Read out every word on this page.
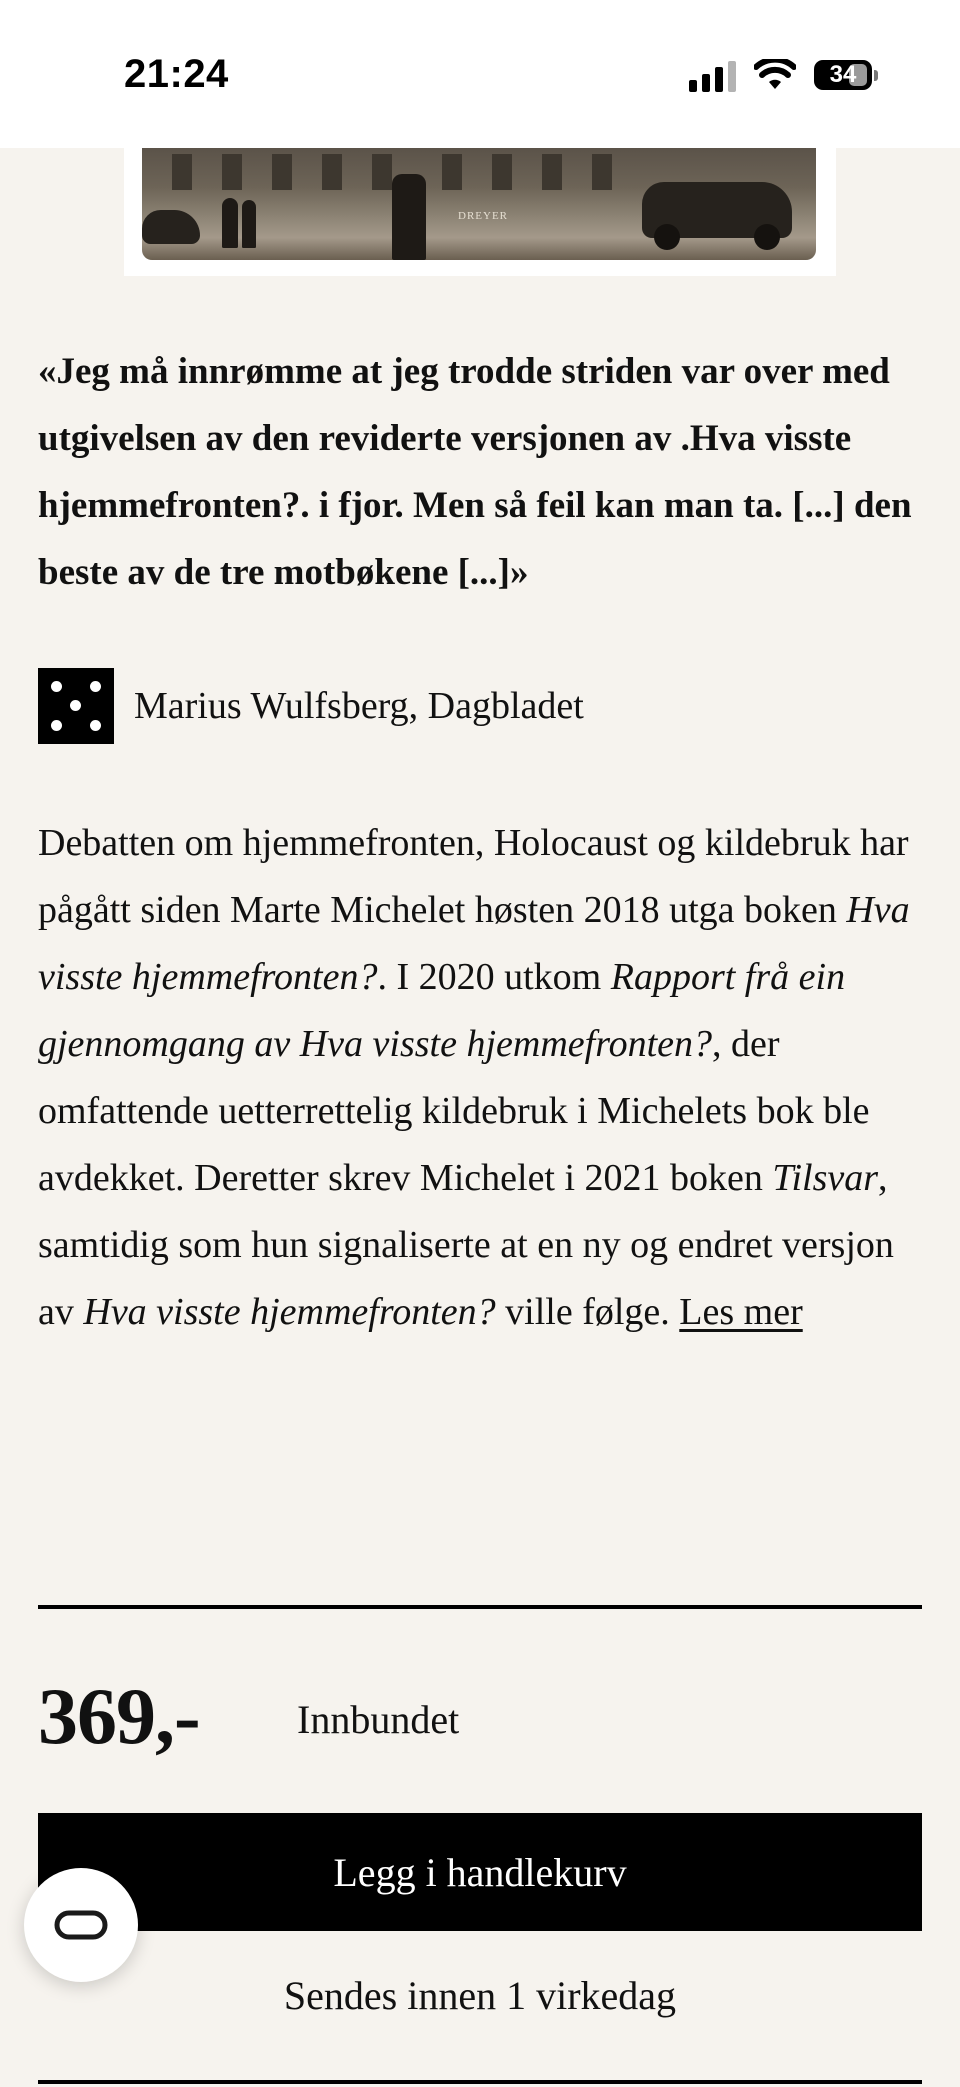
21:24	34
DREYER

«Jeg må innrømme at jeg trodde striden var over med utgivelsen av den reviderte versjonen av .Hva visste hjemmefronten?. i fjor. Men så feil kan man ta. [...] den beste av de tre motbøkene [...]»

Marius Wulfsberg, Dagbladet

Debatten om hjemmefronten, Holocaust og kildebruk har pågått siden Marte Michelet høsten 2018 utga boken Hva visste hjemmefronten?. I 2020 utkom Rapport frå ein gjennomgang av Hva visste hjemmefronten?, der omfattende uetterrettelig kildebruk i Michelets bok ble avdekket. Deretter skrev Michelet i 2021 boken Tilsvar, samtidig som hun signaliserte at en ny og endret versjon av Hva visste hjemmefronten? ville følge. Les mer

369,- Innbundet
Legg i handlekurv
Sendes innen 1 virkedag
